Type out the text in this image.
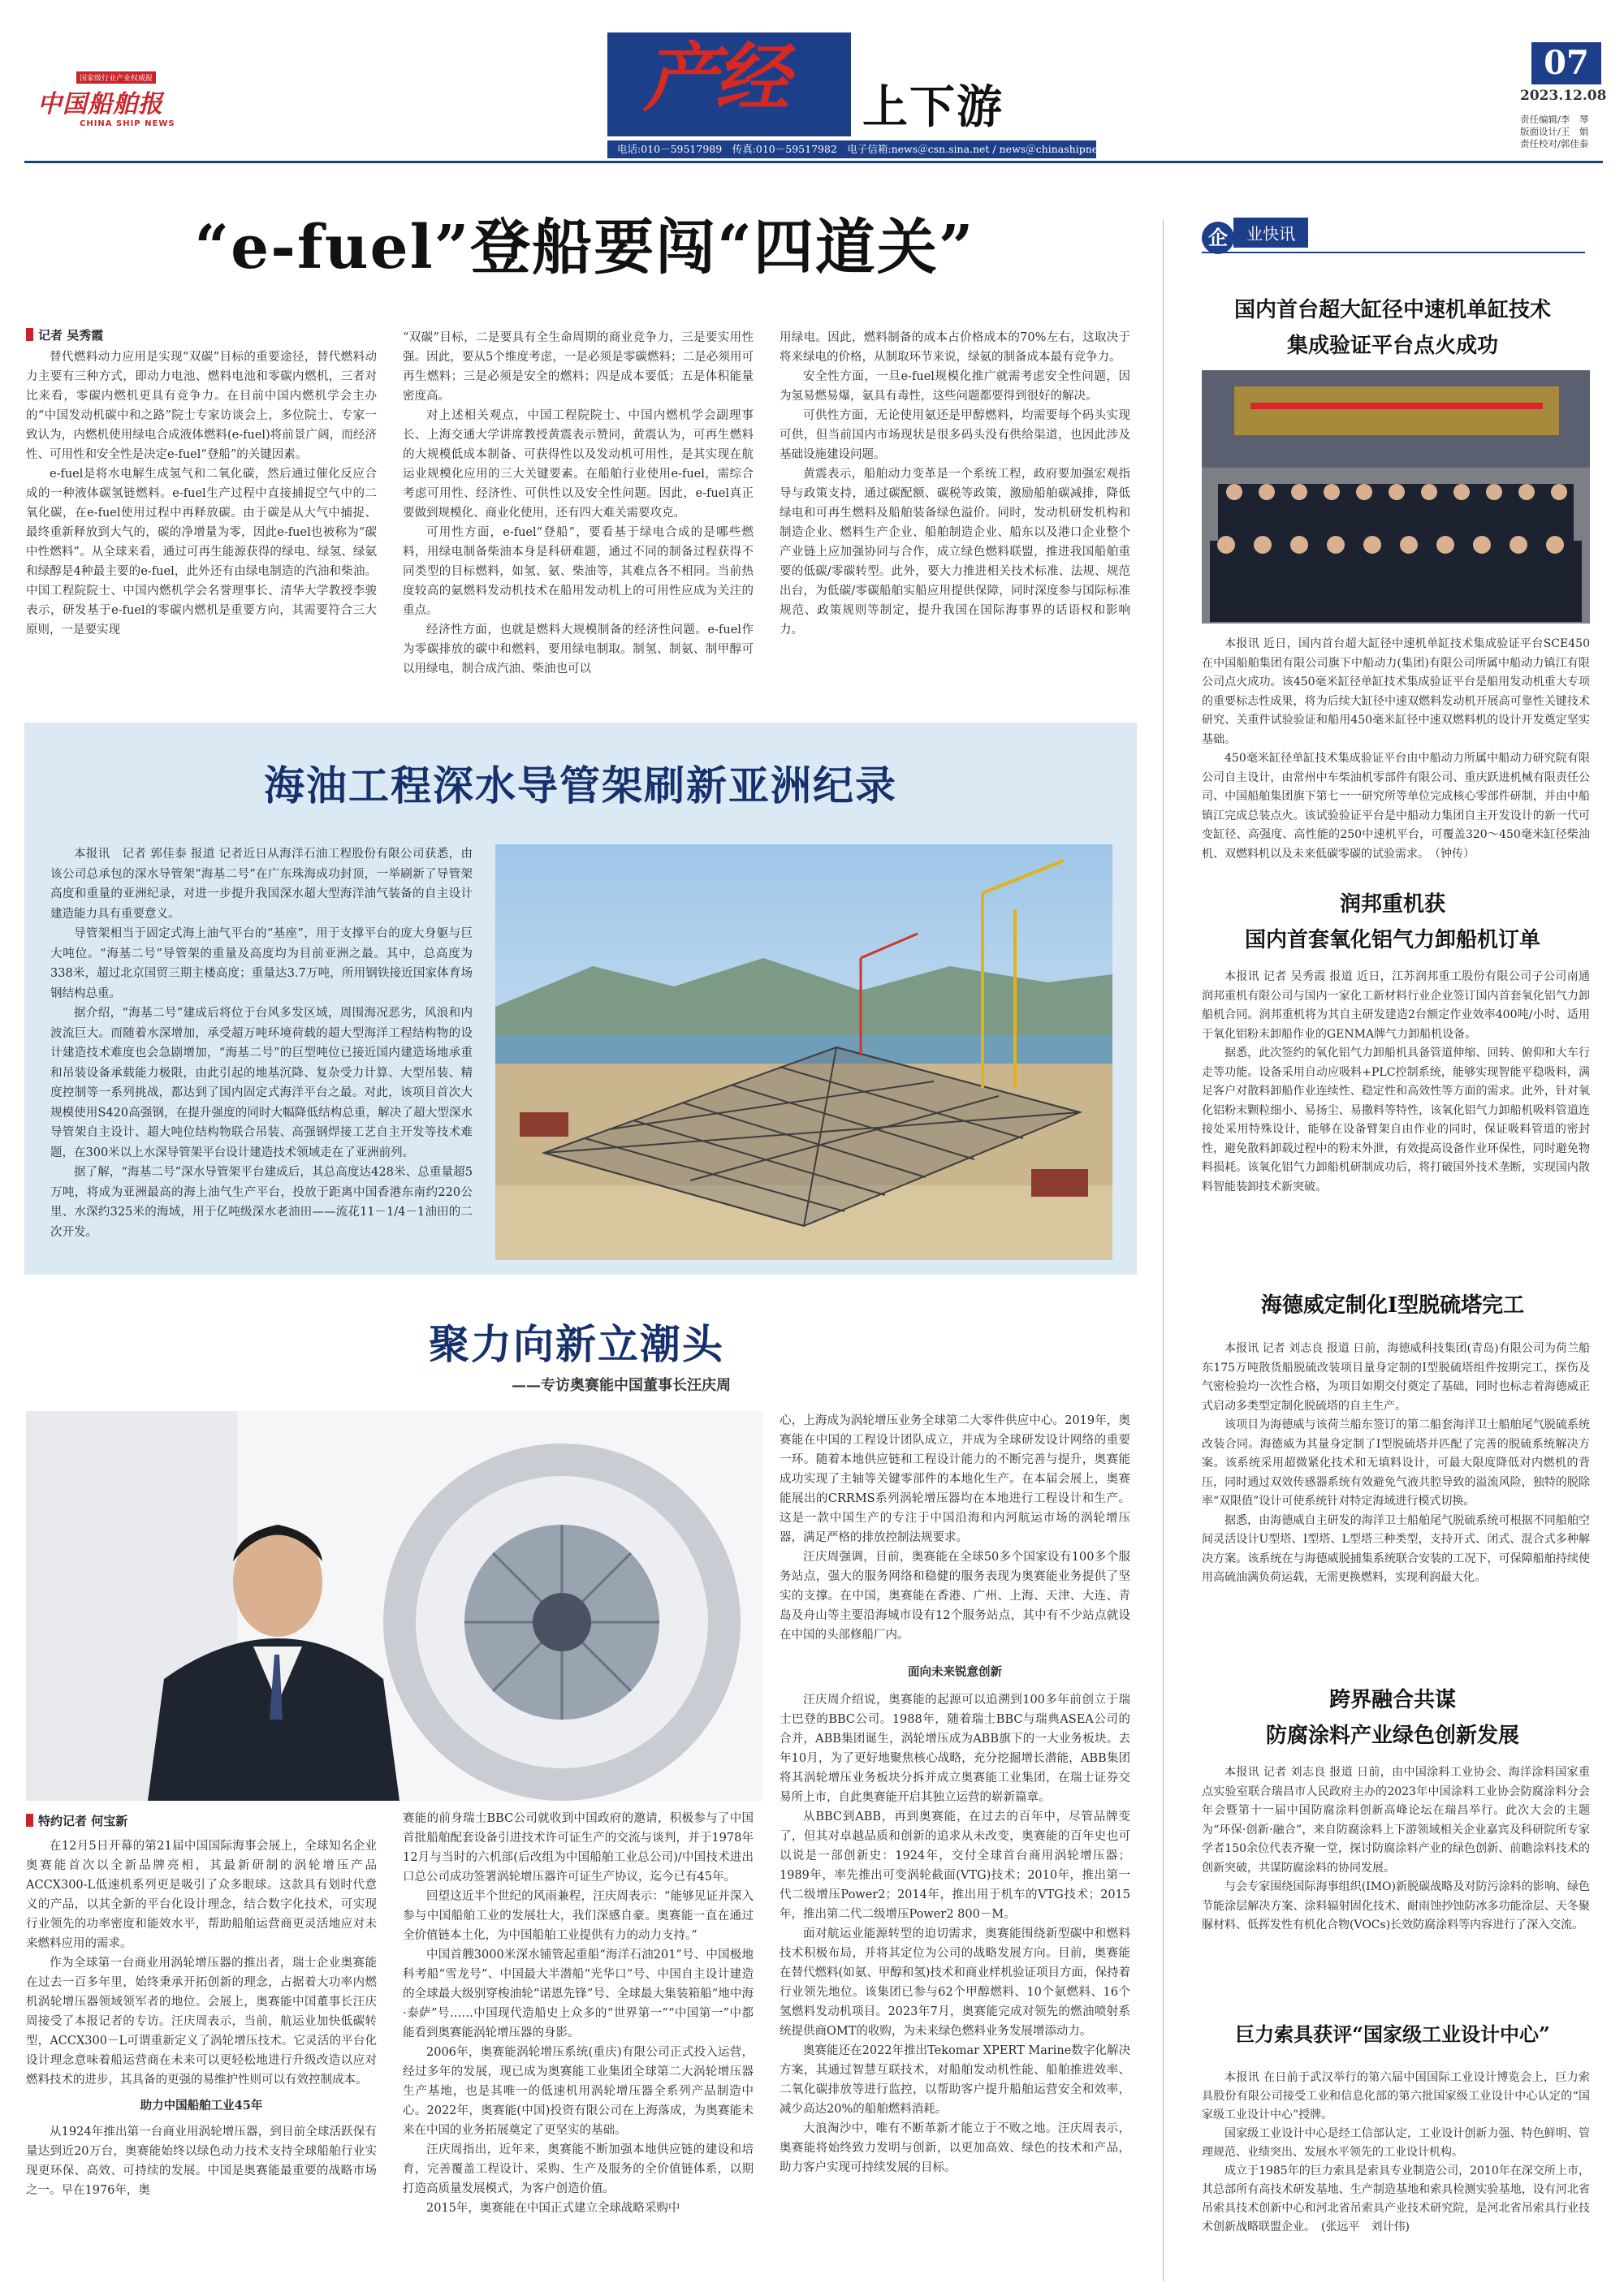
国家级行业产业权威报
中国船舶报
CHINA SHIP NEWS
产经 上下游
电话:010－59517989　传真:010－59517982　电子信箱:news＠csn.sina.net / news＠chinashipnews.com.cn
07
2023.12.08
责任编辑/李　琴
版面设计/王　娟
责任校对/郭佳泰
“e-fuel”登船要闯“四道关”
记者 吴秀霞

替代燃料动力应用是实现“双碳”目标的重要途径，替代燃料动力主要有三种方式，即动力电池、燃料电池和零碳内燃机，三者对比来看，零碳内燃机更具有竞争力。在目前中国内燃机学会主办的“中国发动机碳中和之路”院士专家访谈会上，多位院士、专家一致认为，内燃机使用绿电合成液体燃料(e-fuel)将前景广阔，而经济性、可用性和安全性是决定e-fuel“登船”的关键因素。

e-fuel是将水电解生成氢气和二氧化碳，然后通过催化反应合成的一种液体碳氢链燃料。e-fuel生产过程中直接捕捉空气中的二氧化碳，在e-fuel使用过程中再释放碳。由于碳是从大气中捕捉、最终重新释放到大气的，碳的净增量为零，因此e-fuel也被称为“碳中性燃料”。从全球来看，通过可再生能源获得的绿电、绿氢、绿氨和绿醇是4种最主要的e-fuel，此外还有由绿电制造的汽油和柴油。中国工程院院士、中国内燃机学会名誉理事长、清华大学教授李骏表示，研发基于e-fuel的零碳内燃机是重要方向，其需要符合三大原则，一是要实现

“双碳”目标，二是要具有全生命周期的商业竞争力，三是要实用性强。因此，要从5个维度考虑，一是必须是零碳燃料；二是必须用可再生燃料；三是必须是安全的燃料；四是成本要低；五是体积能量密度高。

对上述相关观点，中国工程院院士、中国内燃机学会副理事长、上海交通大学讲席教授黄震表示赞同，黄震认为，可再生燃料的大规模低成本制备、可获得性以及发动机可用性，是其实现在航运业规模化应用的三大关键要素。在船舶行业使用e-fuel，需综合考虑可用性、经济性、可供性以及安全性问题。因此，e-fuel真正要做到规模化、商业化使用，还有四大难关需要攻克。

可用性方面，e-fuel“登船”，要看基于绿电合成的是哪些燃料，用绿电制备柴油本身是科研难题，通过不同的制备过程获得不同类型的目标燃料，如氢、氨、柴油等，其难点各不相同。当前热度较高的氨燃料发动机技术在船用发动机上的可用性应成为关注的重点。

经济性方面，也就是燃料大规模制备的经济性问题。e-fuel作为零碳排放的碳中和燃料，要用绿电制取。制氢、制氨、制甲醇可以用绿电，制合成汽油、柴油也可以

用绿电。因此，燃料制备的成本占价格成本的70%左右，这取决于将来绿电的价格，从制取环节来说，绿氨的制备成本最有竞争力。

安全性方面，一旦e-fuel规模化推广就需考虑安全性问题，因为氢易燃易爆，氨具有毒性，这些问题都要得到很好的解决。

可供性方面，无论使用氨还是甲醇燃料，均需要每个码头实现可供，但当前国内市场现状是很多码头没有供给渠道，也因此涉及基础设施建设问题。

黄震表示，船舶动力变革是一个系统工程，政府要加强宏观指导与政策支持，通过碳配额、碳税等政策，激励船舶碳减排，降低绿电和可再生燃料及船舶装备绿色溢价。同时，发动机研发机构和制造企业、燃料生产企业、船舶制造企业、船东以及港口企业整个产业链上应加强协同与合作，成立绿色燃料联盟，推进我国船舶重要的低碳/零碳转型。此外，要大力推进相关技术标准、法规、规范出台，为低碳/零碳船舶实船应用提供保障，同时深度参与国际标准规范、政策规则等制定，提升我国在国际海事界的话语权和影响力。

海油工程深水导管架刷新亚洲纪录

本报讯　记者 郭佳泰 报道 记者近日从海洋石油工程股份有限公司获悉，由该公司总承包的深水导管架“海基二号”在广东珠海成功封顶，一举刷新了导管架高度和重量的亚洲纪录，对进一步提升我国深水超大型海洋油气装备的自主设计建造能力具有重要意义。

导管架相当于固定式海上油气平台的“基座”，用于支撑平台的庞大身躯与巨大吨位。“海基二号”导管架的重量及高度均为目前亚洲之最。其中，总高度为338米，超过北京国贸三期主楼高度；重量达3.7万吨，所用钢铁接近国家体育场钢结构总重。

据介绍，“海基二号”建成后将位于台风多发区域，周围海况恶劣，风浪和内波流巨大。而随着水深增加，承受超万吨环境荷载的超大型海洋工程结构物的设计建造技术难度也会急剧增加，“海基二号”的巨型吨位已接近国内建造场地承重和吊装设备承载能力极限，由此引起的地基沉降、复杂受力计算、大型吊装、精度控制等一系列挑战，都达到了国内固定式海洋平台之最。对此，该项目首次大规模使用S420高强钢，在提升强度的同时大幅降低结构总重，解决了超大型深水导管架自主设计、超大吨位结构物联合吊装、高强钢焊接工艺自主开发等技术难题，在300米以上水深导管架平台设计建造技术领域走在了亚洲前列。

据了解，“海基二号”深水导管架平台建成后，其总高度达428米、总重量超5万吨，将成为亚洲最高的海上油气生产平台，投放于距离中国香港东南约220公里、水深约325米的海域，用于亿吨级深水老油田——流花11－1/4－1油田的二次开发。

聚力向新立潮头
——专访奥赛能中国董事长汪庆周
特约记者 何宝新

在12月5日开幕的第21届中国国际海事会展上，全球知名企业奥赛能首次以全新品牌亮相，其最新研制的涡轮增压产品ACCX300-L低速机系列更是吸引了众多眼球。这款具有划时代意义的产品，以其全新的平台化设计理念，结合数字化技术，可实现行业领先的功率密度和能效水平，帮助船舶运营商更灵活地应对未来燃料应用的需求。

作为全球第一台商业用涡轮增压器的推出者，瑞士企业奥赛能在过去一百多年里，始终秉承开拓创新的理念，占据着大功率内燃机涡轮增压器领域领军者的地位。会展上，奥赛能中国董事长汪庆周接受了本报记者的专访。汪庆周表示，当前，航运业加快低碳转型，ACCX300－L可谓重新定义了涡轮增压技术。它灵活的平台化设计理念意味着船运营商在未来可以更轻松地进行升级改造以应对燃料技术的进步，其具备的更强的易维护性则可以有效控制成本。

助力中国船舶工业45年

从1924年推出第一台商业用涡轮增压器，到目前全球活跃保有量达到近20万台，奥赛能始终以绿色动力技术支持全球船舶行业实现更环保、高效、可持续的发展。中国是奥赛能最重要的战略市场之一。早在1976年，奥

赛能的前身瑞士BBC公司就收到中国政府的邀请，积极参与了中国首批船舶配套设备引进技术许可证生产的交流与谈判，并于1978年12月与当时的六机部(后改组为中国船舶工业总公司)/中国技术进出口总公司成功签署涡轮增压器许可证生产协议，迄今已有45年。

回望这近半个世纪的风雨兼程，汪庆周表示：“能够见证并深入参与中国船舶工业的发展壮大，我们深感自豪。奥赛能一直在通过全价值链本土化，为中国船舶工业提供有力的动力支持。”

中国首艘3000米深水铺管起重船“海洋石油201”号、中国极地科考船“雪龙号”、中国最大半潜船“光华口”号、中国自主设计建造的全球最大级别穿梭油轮“诺恩先锋”号、全球最大集装箱船“地中海·泰萨”号……中国现代造船史上众多的“世界第一”“中国第一”中都能看到奥赛能涡轮增压器的身影。

2006年，奥赛能涡轮增压系统(重庆)有限公司正式投入运营，经过多年的发展，现已成为奥赛能工业集团全球第二大涡轮增压器生产基地，也是其唯一的低速机用涡轮增压器全系列产品制造中心。2022年，奥赛能(中国)投资有限公司在上海落成，为奥赛能未来在中国的业务拓展奠定了更坚实的基础。

汪庆周指出，近年来，奥赛能不断加强本地供应链的建设和培育，完善覆盖工程设计、采购、生产及服务的全价值链体系，以期打造高质量发展模式，为客户创造价值。

2015年，奥赛能在中国正式建立全球战略采购中

心，上海成为涡轮增压业务全球第二大零件供应中心。2019年，奥赛能在中国的工程设计团队成立，并成为全球研发设计网络的重要一环。随着本地供应链和工程设计能力的不断完善与提升，奥赛能成功实现了主轴等关键零部件的本地化生产。在本届会展上，奥赛能展出的CRRMS系列涡轮增压器均在本地进行工程设计和生产。这是一款中国生产的专注于中国沿海和内河航运市场的涡轮增压器，满足严格的排放控制法规要求。

汪庆周强调，目前，奥赛能在全球50多个国家设有100多个服务站点，强大的服务网络和稳健的服务表现为奥赛能业务提供了坚实的支撑。在中国，奥赛能在香港、广州、上海、天津、大连、青岛及舟山等主要沿海城市设有12个服务站点，其中有不少站点就设在中国的头部修船厂内。

面向未来锐意创新

汪庆周介绍说，奥赛能的起源可以追溯到100多年前创立于瑞士巴登的BBC公司。1988年，随着瑞士BBC与瑞典ASEA公司的合并，ABB集团诞生，涡轮增压成为ABB旗下的一大业务板块。去年10月，为了更好地聚焦核心战略，充分挖掘增长潜能，ABB集团将其涡轮增压业务板块分拆并成立奥赛能工业集团，在瑞士证券交易所上市，自此奥赛能开启其独立运营的崭新篇章。

从BBC到ABB，再到奥赛能，在过去的百年中，尽管品牌变了，但其对卓越品质和创新的追求从未改变，奥赛能的百年史也可以说是一部创新史：1924年，交付全球首台商用涡轮增压器；1989年，率先推出可变涡轮截面(VTG)技术；2010年，推出第一代二级增压Power2；2014年，推出用于机车的VTG技术；2015年，推出第二代二级增压Power2 800－M。

面对航运业能源转型的迫切需求，奥赛能围绕新型碳中和燃料技术积极布局，并将其定位为公司的战略发展方向。目前，奥赛能在替代燃料(如氨、甲醇和氢)技术和商业样机验证项目方面，保持着行业领先地位。该集团已参与62个甲醇燃料、10个氨燃料、16个氢燃料发动机项目。2023年7月，奥赛能完成对领先的燃油喷射系统提供商OMT的收购，为未来绿色燃料业务发展增添动力。

奥赛能还在2022年推出Tekomar XPERT Marine数字化解决方案，其通过智慧互联技术，对船舶发动机性能、船舶推进效率、二氧化碳排放等进行监控，以帮助客户提升船舶运营安全和效率，减少高达20%的船舶燃料消耗。

大浪淘沙中，唯有不断革新才能立于不败之地。汪庆周表示，奥赛能将始终致力发明与创新，以更加高效、绿色的技术和产品，助力客户实现可持续发展的目标。

企 业快讯
国内首台超大缸径中速机单缸技术
集成验证平台点火成功

本报讯 近日，国内首台超大缸径中速机单缸技术集成验证平台SCE450在中国船舶集团有限公司旗下中船动力(集团)有限公司所属中船动力镇江有限公司点火成功。该450毫米缸径单缸技术集成验证平台是船用发动机重大专项的重要标志性成果，将为后续大缸径中速双燃料发动机开展高可靠性关键技术研究、关重件试验验证和船用450毫米缸径中速双燃料机的设计开发奠定坚实基础。

450毫米缸径单缸技术集成验证平台由中船动力所属中船动力研究院有限公司自主设计，由常州中车柴油机零部件有限公司、重庆跃进机械有限责任公司、中国船舶集团旗下第七一一研究所等单位完成核心零部件研制，并由中船镇江完成总装点火。该试验验证平台是中船动力集团自主开发设计的新一代可变缸径、高强度、高性能的250中速机平台，可覆盖320～450毫米缸径柴油机、双燃料机以及未来低碳零碳的试验需求。　（钟传）

润邦重机获
国内首套氧化铝气力卸船机订单

本报讯 记者 吴秀霞 报道 近日，江苏润邦重工股份有限公司子公司南通润邦重机有限公司与国内一家化工新材料行业企业签订国内首套氧化铝气力卸船机合同。润邦重机将为其自主研发建造2台额定作业效率400吨/小时、适用于氧化铝粉末卸船作业的GENMA牌气力卸船机设备。

据悉，此次签约的氧化铝气力卸船机具备管道伸缩、回转、俯仰和大车行走等功能。设备采用自动应吸料+PLC控制系统，能够实现智能平稳吸料，满足客户对散料卸船作业连续性、稳定性和高效性等方面的需求。此外，针对氧化铝粉末颗粒细小、易扬尘、易撒料等特性，该氧化铝气力卸船机吸料管道连接处采用特殊设计，能够在设备臂架自由作业的同时，保证吸料管道的密封性，避免散料卸载过程中的粉末外泄，有效提高设备作业环保性，同时避免物料损耗。该氧化铝气力卸船机研制成功后，将打破国外技术垄断，实现国内散料智能装卸技术新突破。

海德威定制化Ⅰ型脱硫塔完工

本报讯 记者 刘志良 报道 日前，海德威科技集团(青岛)有限公司为荷兰船东175万吨散货船脱硫改装项目量身定制的Ⅰ型脱硫塔组件按期完工，探伤及气密检验均一次性合格，为项目如期交付奠定了基础，同时也标志着海德威正式启动多类型定制化脱硫塔的自主生产。

该项目为海德威与该荷兰船东签订的第二船套海洋卫士船舶尾气脱硫系统改装合同。海德威为其量身定制了Ⅰ型脱硫塔并匹配了完善的脱硫系统解决方案。该系统采用超微紧化技术和无填料设计，可最大限度降低对内燃机的背压，同时通过双效传感器系统有效避免气液共腔导致的溢流风险，独特的脱除率“双限值”设计可使系统针对特定海域进行模式切换。

据悉，由海德威自主研发的海洋卫士船舶尾气脱硫系统可根据不同船舶空间灵活设计U型塔、I型塔、L型塔三种类型，支持开式、闭式、混合式多种解决方案。该系统在与海德威脱捕集系统联合安装的工况下，可保障船舶持续使用高硫油满负荷运载，无需更换燃料，实现利润最大化。

跨界融合共谋
防腐涂料产业绿色创新发展

本报讯 记者 刘志良 报道 日前，由中国涂料工业协会、海洋涂料国家重点实验室联合瑞昌市人民政府主办的2023年中国涂料工业协会防腐涂料分会年会暨第十一届中国防腐涂料创新高峰论坛在瑞昌举行。此次大会的主题为“环保·创新·融合”，来自防腐涂料上下游领域相关企业嘉宾及科研院所专家学者150余位代表齐聚一堂，探讨防腐涂料产业的绿色创新、前瞻涂料技术的创新突破，共谋防腐涂料的协同发展。

与会专家围绕国际海事组织(IMO)新脱碳战略及对防污涂料的影响、绿色节能涂层解决方案、涂料辐射固化技术、耐雨蚀抄蚀防冰多功能涂层、天冬聚脲材料、低挥发性有机化合物(VOCs)长效防腐涂料等内容进行了深入交流。

巨力索具获评“国家级工业设计中心”

本报讯 在日前于武汉举行的第六届中国国际工业设计博览会上，巨力索具股份有限公司接受工业和信息化部的第六批国家级工业设计中心认定的“国家级工业设计中心”授牌。

国家级工业设计中心是经工信部认定，工业设计创新力强、特色鲜明、管理规范、业绩突出、发展水平领先的工业设计机构。

成立于1985年的巨力索具是索具专业制造公司，2010年在深交所上市，其总部所有高技术研发基地、生产制造基地和索具检测实验基地，设有河北省吊索具技术创新中心和河北省吊索具产业技术研究院，是河北省吊索具行业技术创新战略联盟企业。　(张远平　刘计伟)
